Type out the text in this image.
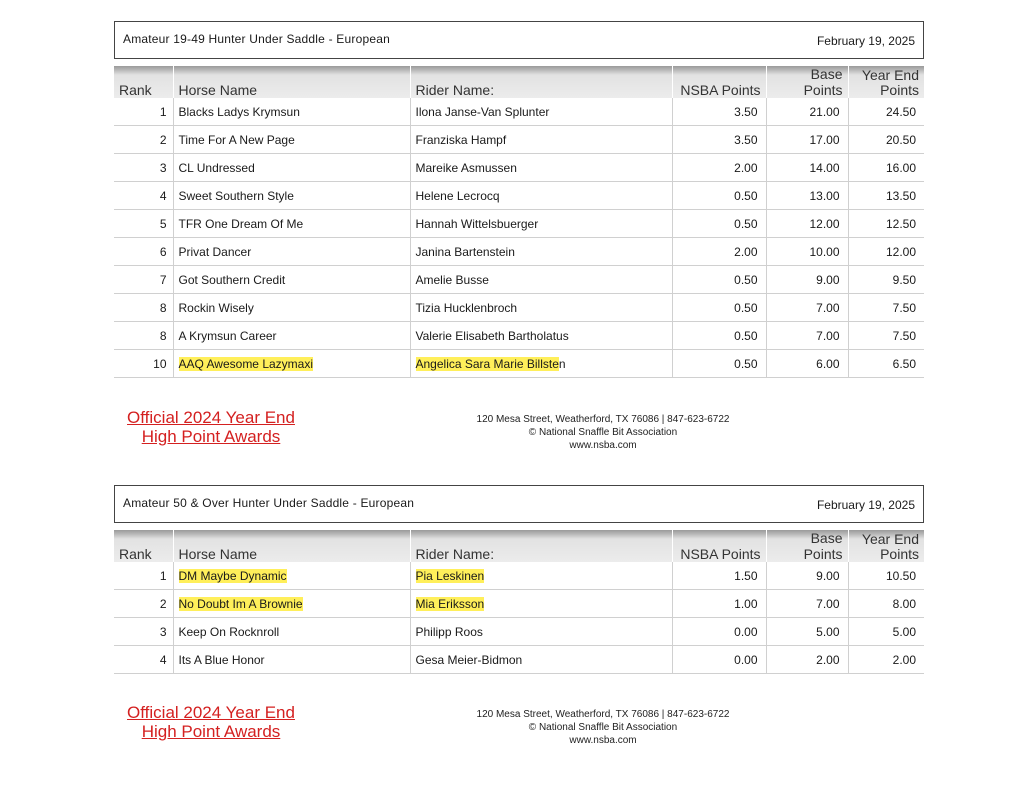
Amateur 19-49 Hunter Under Saddle - European	February 19, 2025
Rank	Horse Name	Rider Name:	NSBA Points	Base Points	Year End
Points
1	Blacks Ladys Krymsun	Ilona Janse-Van Splunter	3.50	21.00	24.50
2	Time For A New Page	Franziska Hampf	3.50	17.00	20.50
3	CL Undressed	Mareike Asmussen	2.00	14.00	16.00
4	Sweet Southern Style	Helene Lecrocq	0.50	13.00	13.50
5	TFR One Dream Of Me	Hannah Wittelsbuerger	0.50	12.00	12.50
6	Privat Dancer	Janina Bartenstein	2.00	10.00	12.00
7	Got Southern Credit	Amelie Busse	0.50	9.00	9.50
8	Rockin Wisely	Tizia Hucklenbroch	0.50	7.00	7.50
8	A Krymsun Career	Valerie Elisabeth Bartholatus	0.50	7.00	7.50
10	AAQ Awesome Lazymaxi	Angelica Sara Marie Billsten	0.50	6.00	6.50
Official 2024 Year End
High Point Awards
120 Mesa Street, Weatherford, TX 76086 | 847-623-6722
© National Snaffle Bit Association
www.nsba.com
Amateur 50 & Over Hunter Under Saddle - European	February 19, 2025
Rank	Horse Name	Rider Name:	NSBA Points	Base Points	Year End
Points
1	DM Maybe Dynamic	Pia Leskinen	1.50	9.00	10.50
2	No Doubt Im A Brownie	Mia Eriksson	1.00	7.00	8.00
3	Keep On Rocknroll	Philipp Roos	0.00	5.00	5.00
4	Its A Blue Honor	Gesa Meier-Bidmon	0.00	2.00	2.00
Official 2024 Year End
High Point Awards
120 Mesa Street, Weatherford, TX 76086 | 847-623-6722
© National Snaffle Bit Association
www.nsba.com
